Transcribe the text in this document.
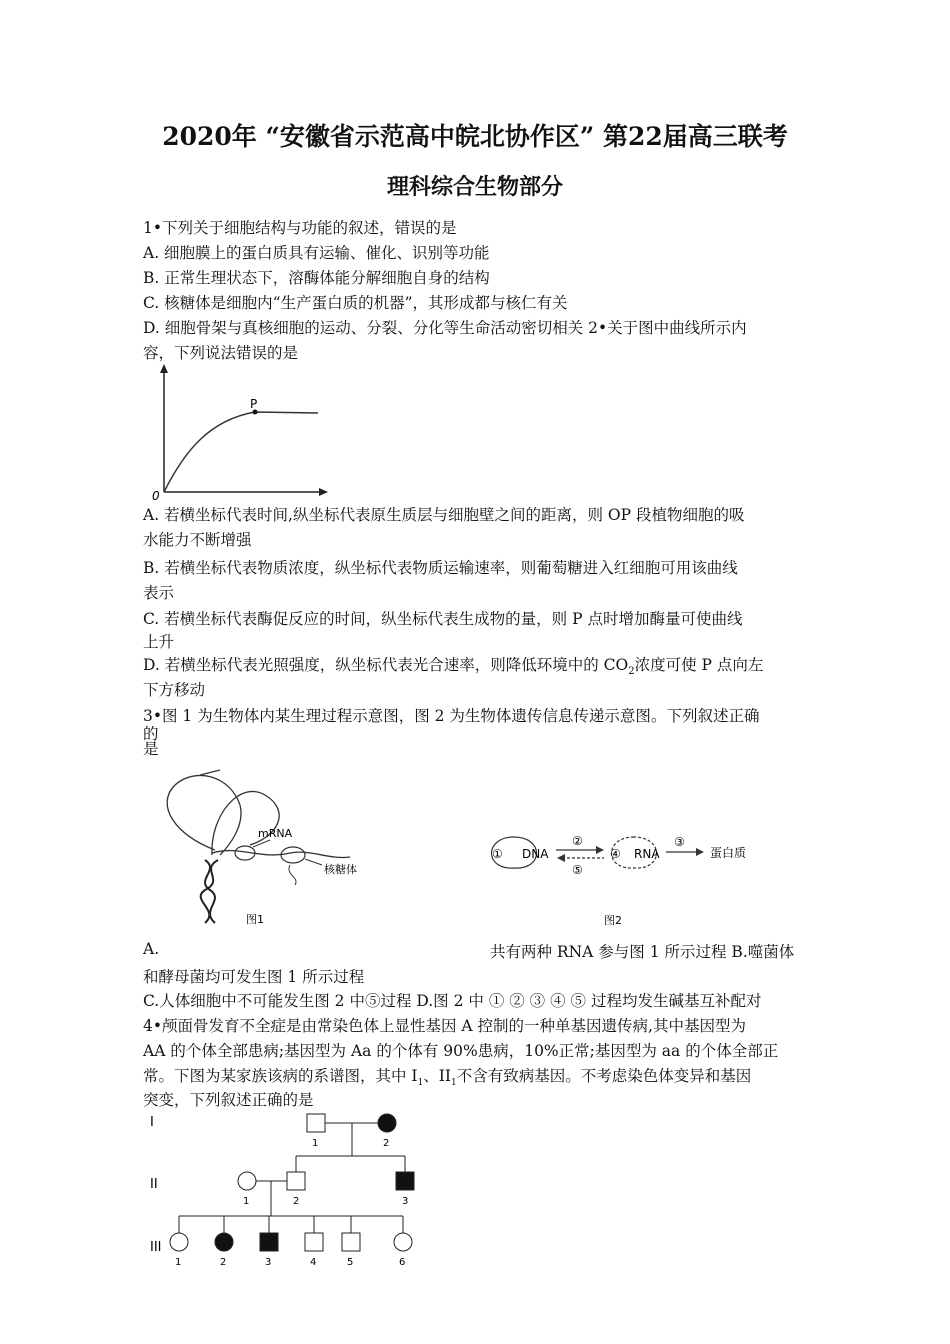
2020年 “安徽省示范高中皖北协作区” 第22届高三联考
理科综合生物部分
1•下列关于细胞结构与功能的叙述，错误的是
A. 细胞膜上的蛋白质具有运输、催化、识别等功能
B. 正常生理状态下，溶酶体能分解细胞自身的结构
C. 核糖体是细胞内“生产蛋白质的机器”，其形成都与核仁有关
D. 细胞骨架与真核细胞的运动、分裂、分化等生命活动密切相关 2•关于图中曲线所示内
容，下列说法错误的是
P
0
A. 若横坐标代表时间,纵坐标代表原生质层与细胞壁之间的距离，则 OP 段植物细胞的吸
水能力不断增强
B. 若横坐标代表物质浓度，纵坐标代表物质运输速率，则葡萄糖进入红细胞可用该曲线
表示
C. 若横坐标代表酶促反应的时间，纵坐标代表生成物的量，则 P 点时增加酶量可使曲线
上升
D. 若横坐标代表光照强度，纵坐标代表光合速率，则降低环境中的 $CO_2$浓度可使 P 点向左
下方移动
3•图 1 为生物体内某生理过程示意图，图 2 为生物体遗传信息传递示意图。下列叙述正确
的
是
mRNA
核糖体
图1
① DNA
②
⑤
④ RNA
③
蛋白质
图2
A.	共有两种 RNA 参与图 1 所示过程 B.噬菌体
和酵母菌均可发生图 1 所示过程
C.人体细胞中不可能发生图 2 中⑤过程 D.图 2 中 ① ② ③ ④ ⑤ 过程均发生碱基互补配对
4•颅面骨发育不全症是由常染色体上显性基因 A 控制的一种单基因遗传病,其中基因型为
AA 的个体全部患病;基因型为 Aa 的个体有 90%患病，10%正常;基因型为 aa 的个体全部正
常。下图为某家族该病的系谱图，其中 $I_1$、$II_1$不含有致病基因。不考虑染色体变异和基因
突变，下列叙述正确的是
I
II
III
1	2
1	2	3
1	2	3	4	5	6
